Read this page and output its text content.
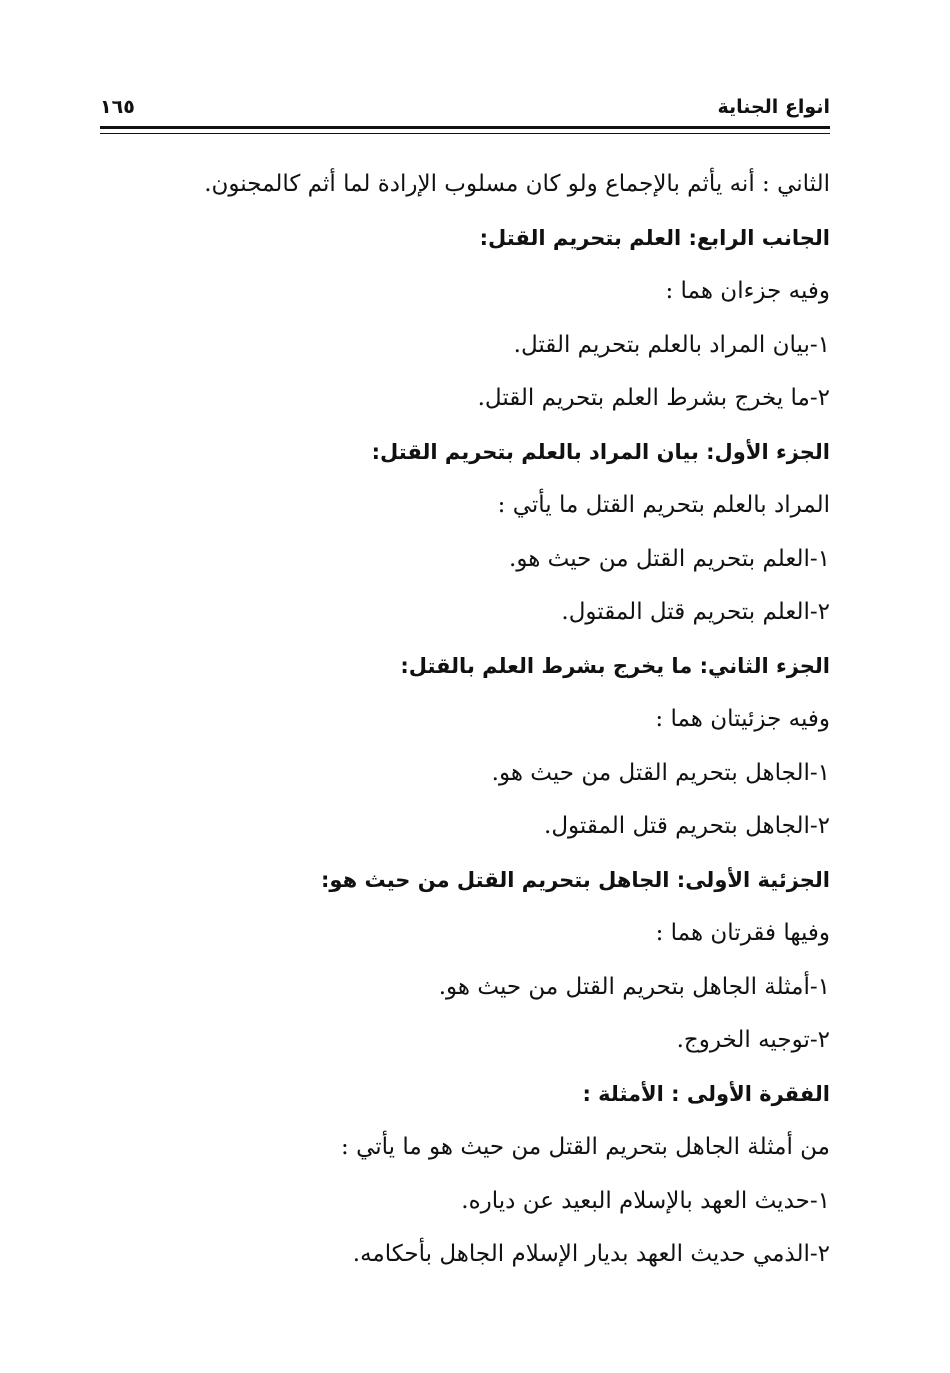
انواع الجناية
١٦٥
الثاني : أنه يأثم بالإجماع ولو كان مسلوب الإرادة لما أثم كالمجنون.
الجانب الرابع: العلم بتحريم القتل:
وفيه جزءان هما :
١-بيان المراد بالعلم بتحريم القتل.
٢-ما يخرج بشرط العلم بتحريم القتل.
الجزء الأول: بيان المراد بالعلم بتحريم القتل:
المراد بالعلم بتحريم القتل ما يأتي :
١-العلم بتحريم القتل من حيث هو.
٢-العلم بتحريم قتل المقتول.
الجزء الثاني: ما يخرج بشرط العلم بالقتل:
وفيه جزئيتان هما :
١-الجاهل بتحريم القتل من حيث هو.
٢-الجاهل بتحريم قتل المقتول.
الجزئية الأولى: الجاهل بتحريم القتل من حيث هو:
وفيها فقرتان هما :
١-أمثلة الجاهل بتحريم القتل من حيث هو.
٢-توجيه الخروج.
الفقرة الأولى : الأمثلة :
من أمثلة الجاهل بتحريم القتل من حيث هو ما يأتي :
١-حديث العهد بالإسلام البعيد عن دياره.
٢-الذمي حديث العهد بديار الإسلام الجاهل بأحكامه.
